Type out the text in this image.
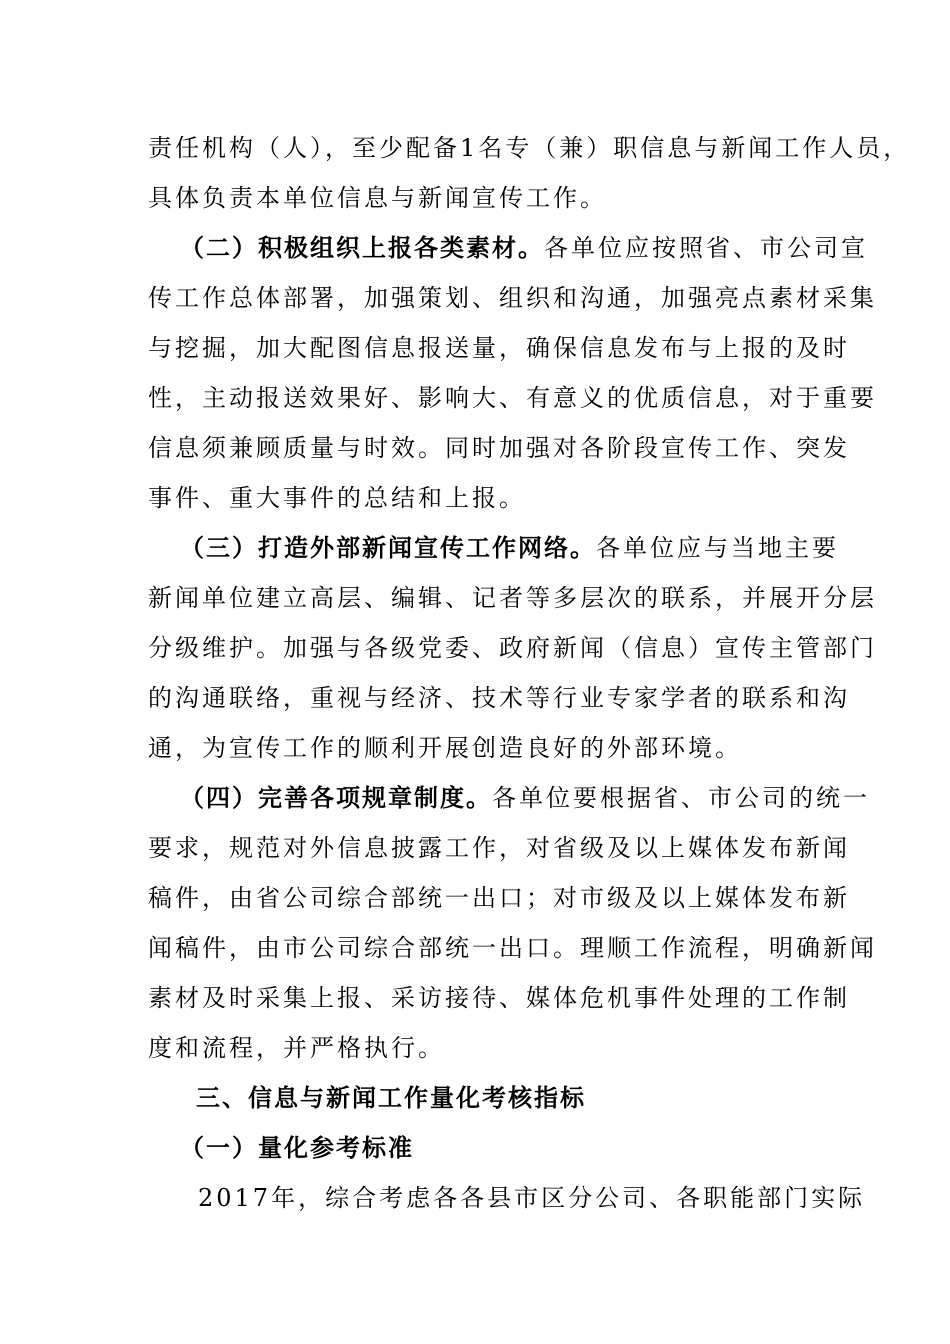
责任机构（人），至少配备1名专（兼）职信息与新闻工作人员，
具体负责本单位信息与新闻宣传工作。
（二）积极组织上报各类素材。各单位应按照省、市公司宣
传工作总体部署，加强策划、组织和沟通，加强亮点素材采集
与挖掘，加大配图信息报送量，确保信息发布与上报的及时
性，主动报送效果好、影响大、有意义的优质信息，对于重要
信息须兼顾质量与时效。同时加强对各阶段宣传工作、突发
事件、重大事件的总结和上报。
（三）打造外部新闻宣传工作网络。各单位应与当地主要
新闻单位建立高层、编辑、记者等多层次的联系，并展开分层
分级维护。加强与各级党委、政府新闻（信息）宣传主管部门
的沟通联络，重视与经济、技术等行业专家学者的联系和沟
通，为宣传工作的顺利开展创造良好的外部环境。
（四）完善各项规章制度。各单位要根据省、市公司的统一
要求，规范对外信息披露工作，对省级及以上媒体发布新闻
稿件，由省公司综合部统一出口；对市级及以上媒体发布新
闻稿件，由市公司综合部统一出口。理顺工作流程，明确新闻
素材及时采集上报、采访接待、媒体危机事件处理的工作制
度和流程，并严格执行。
三、信息与新闻工作量化考核指标
（一）量化参考标准
2017年，综合考虑各各县市区分公司、各职能部门实际
